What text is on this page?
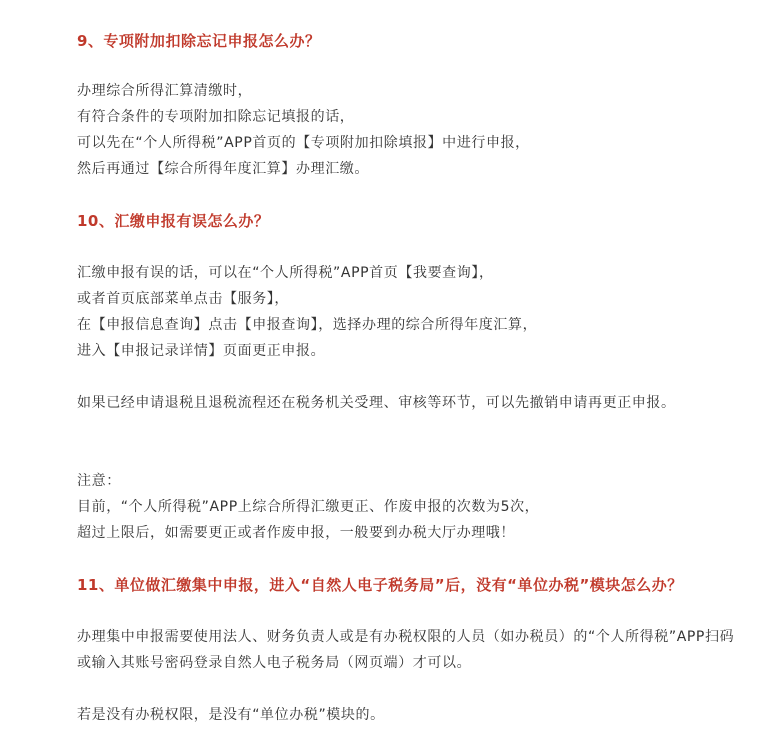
9、专项附加扣除忘记申报怎么办？
办理综合所得汇算清缴时，
有符合条件的专项附加扣除忘记填报的话，
可以先在“个人所得税”APP首页的【专项附加扣除填报】中进行申报，
然后再通过【综合所得年度汇算】办理汇缴。
10、汇缴申报有误怎么办？
汇缴申报有误的话，可以在“个人所得税”APP首页【我要查询】，
或者首页底部菜单点击【服务】，
在【申报信息查询】点击【申报查询】，选择办理的综合所得年度汇算，
进入【申报记录详情】页面更正申报。
如果已经申请退税且退税流程还在税务机关受理、审核等环节，可以先撤销申请再更正申报。
注意：
目前，“个人所得税”APP上综合所得汇缴更正、作废申报的次数为5次，
超过上限后，如需要更正或者作废申报，一般要到办税大厅办理哦！
11、单位做汇缴集中申报，进入“自然人电子税务局”后，没有“单位办税”模块怎么办？
办理集中申报需要使用法人、财务负责人或是有办税权限的人员（如办税员）的“个人所得税”APP扫码或输入其账号密码登录自然人电子税务局（网页端）才可以。
若是没有办税权限，是没有“单位办税”模块的。
